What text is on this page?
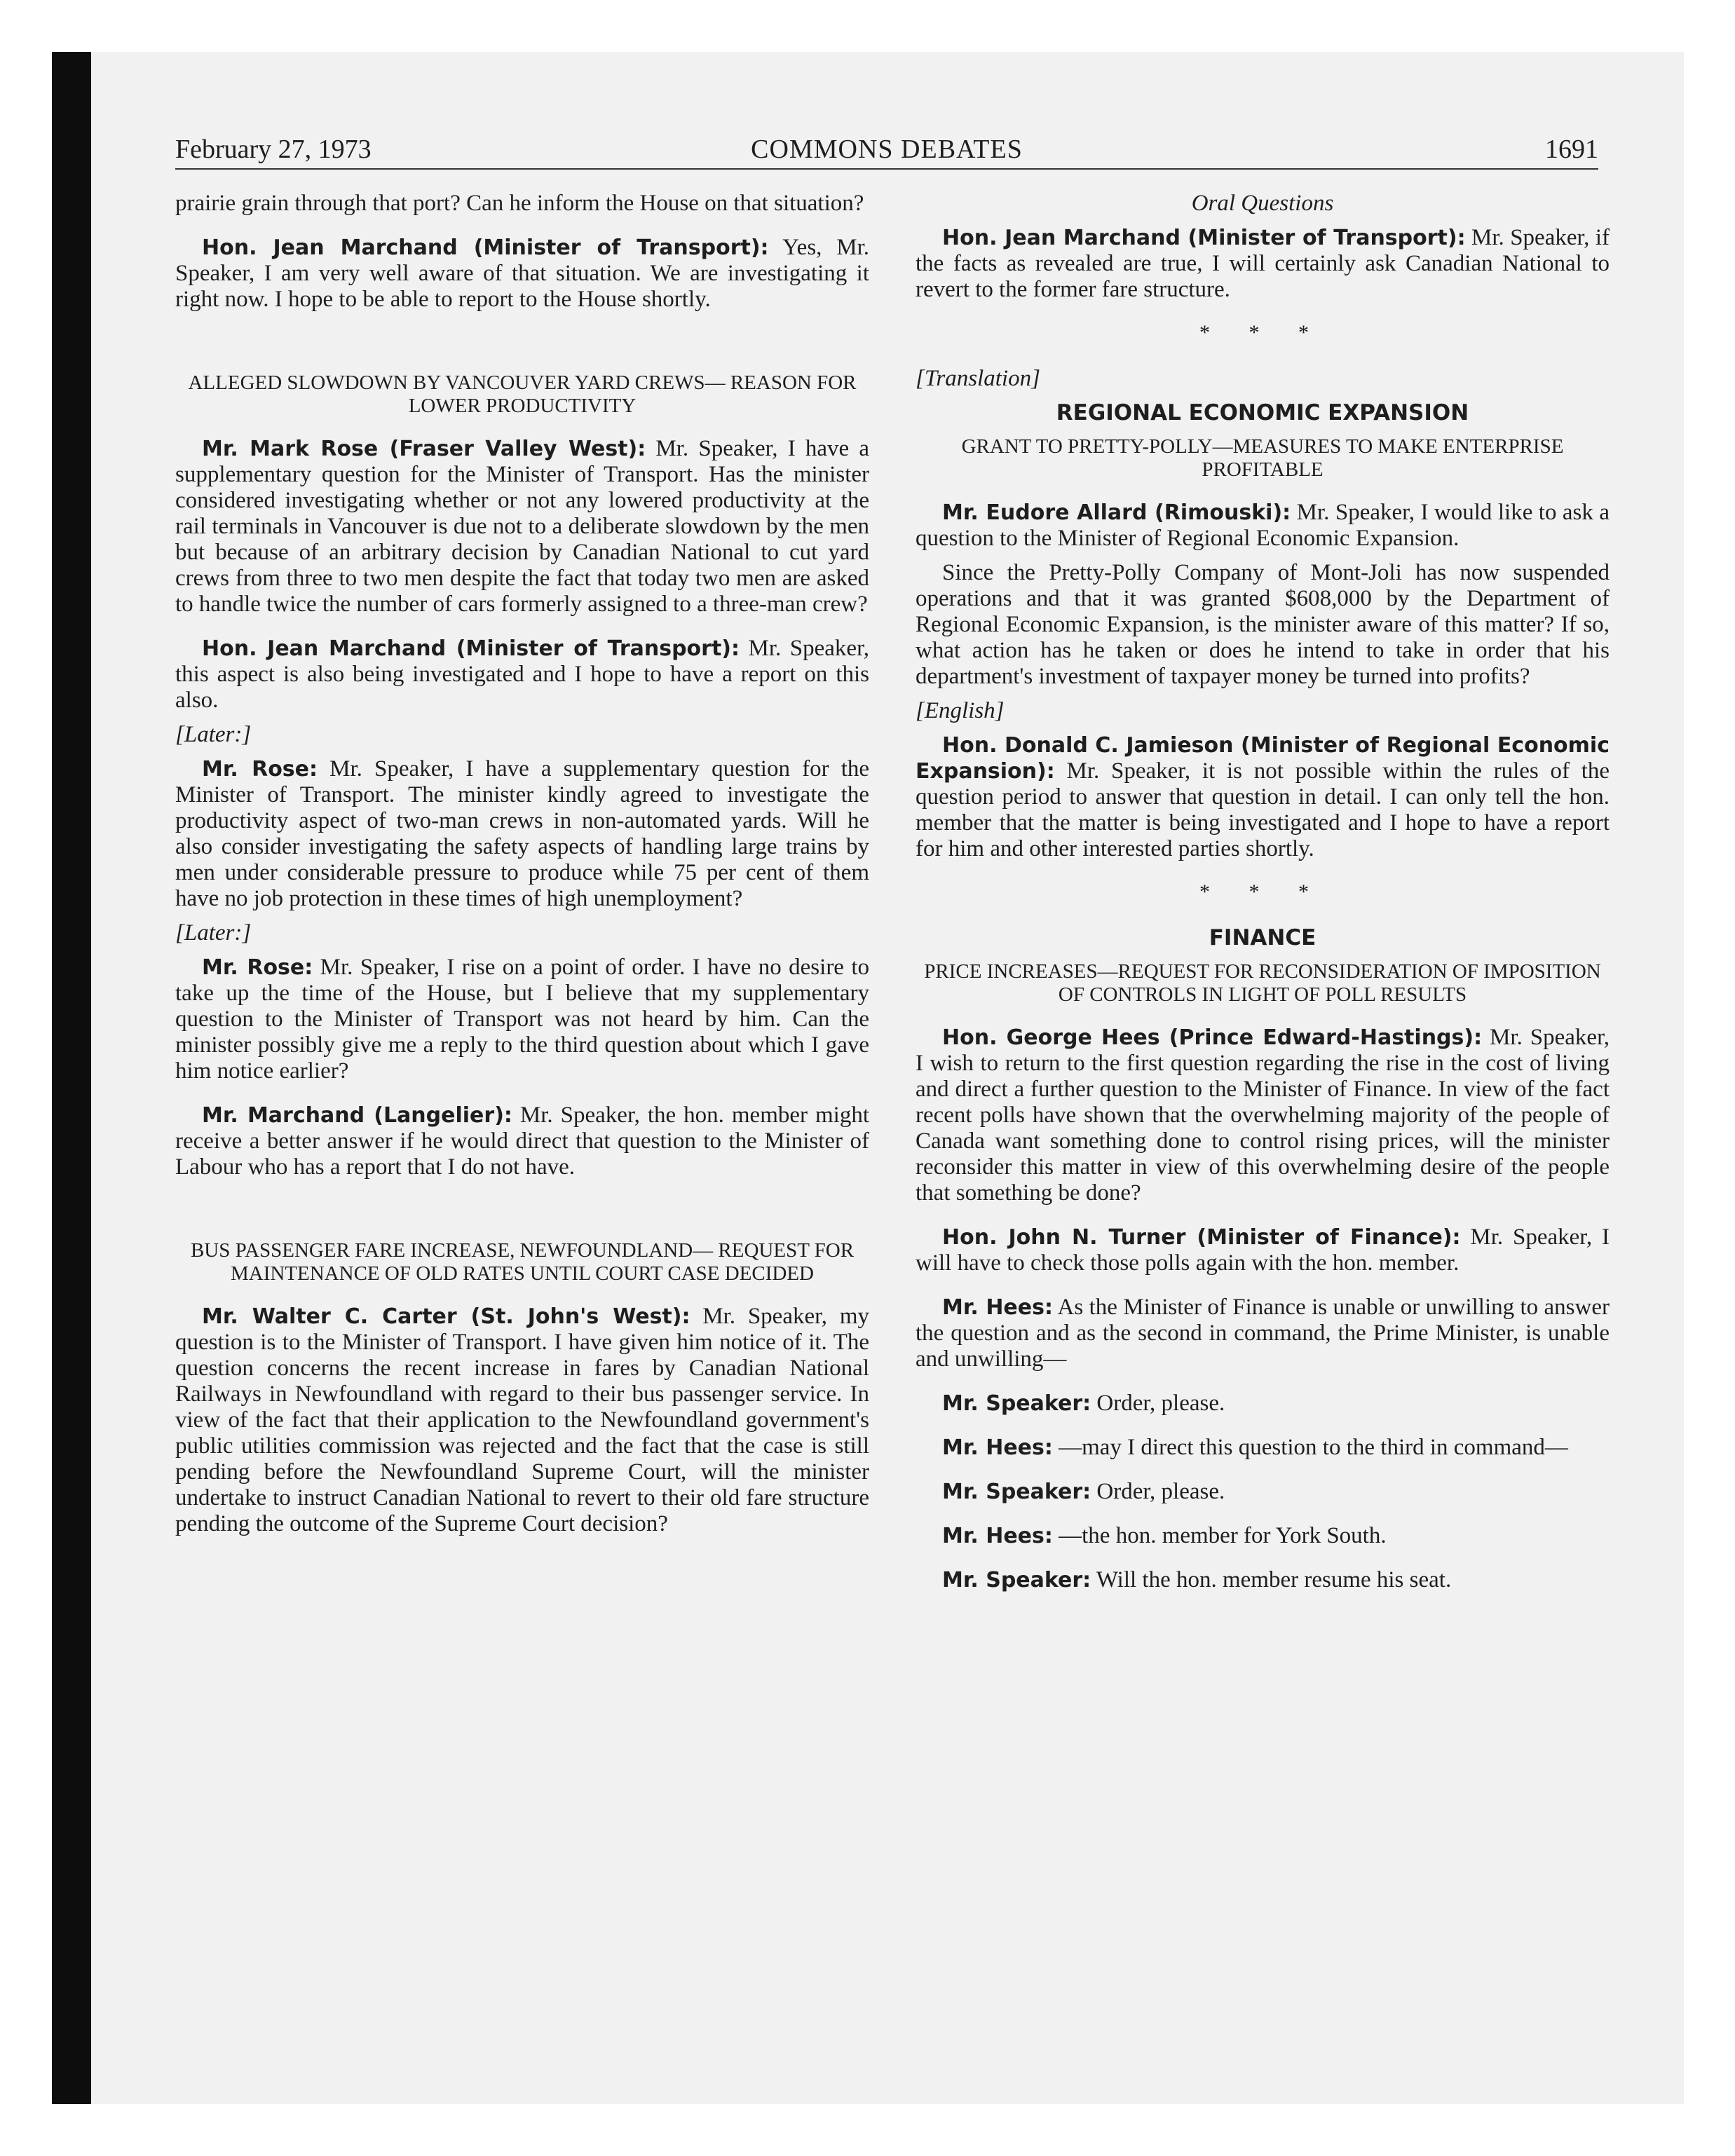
February 27, 1973	COMMONS DEBATES	1691

prairie grain through that port? Can he inform the House on that situation?

Hon. Jean Marchand (Minister of Transport): Yes, Mr. Speaker, I am very well aware of that situation. We are investigating it right now. I hope to be able to report to the House shortly.

ALLEGED SLOWDOWN BY VANCOUVER YARD CREWS— REASON FOR LOWER PRODUCTIVITY

Mr. Mark Rose (Fraser Valley West): Mr. Speaker, I have a supplementary question for the Minister of Transport. Has the minister considered investigating whether or not any lowered productivity at the rail terminals in Vancouver is due not to a deliberate slowdown by the men but because of an arbitrary decision by Canadian National to cut yard crews from three to two men despite the fact that today two men are asked to handle twice the number of cars formerly assigned to a three-man crew?

Hon. Jean Marchand (Minister of Transport): Mr. Speaker, this aspect is also being investigated and I hope to have a report on this also.

[Later:]

Mr. Rose: Mr. Speaker, I have a supplementary question for the Minister of Transport. The minister kindly agreed to investigate the productivity aspect of two-man crews in non-automated yards. Will he also consider investigating the safety aspects of handling large trains by men under considerable pressure to produce while 75 per cent of them have no job protection in these times of high unemployment?

[Later:]

Mr. Rose: Mr. Speaker, I rise on a point of order. I have no desire to take up the time of the House, but I believe that my supplementary question to the Minister of Transport was not heard by him. Can the minister possibly give me a reply to the third question about which I gave him notice earlier?

Mr. Marchand (Langelier): Mr. Speaker, the hon. member might receive a better answer if he would direct that question to the Minister of Labour who has a report that I do not have.

BUS PASSENGER FARE INCREASE, NEWFOUNDLAND— REQUEST FOR MAINTENANCE OF OLD RATES UNTIL COURT CASE DECIDED

Mr. Walter C. Carter (St. John's West): Mr. Speaker, my question is to the Minister of Transport. I have given him notice of it. The question concerns the recent increase in fares by Canadian National Railways in Newfoundland with regard to their bus passenger service. In view of the fact that their application to the Newfoundland government's public utilities commission was rejected and the fact that the case is still pending before the Newfoundland Supreme Court, will the minister undertake to instruct Canadian National to revert to their old fare structure pending the outcome of the Supreme Court decision?

Oral Questions

Hon. Jean Marchand (Minister of Transport): Mr. Speaker, if the facts as revealed are true, I will certainly ask Canadian National to revert to the former fare structure.

* * *
[Translation]
REGIONAL ECONOMIC EXPANSION
GRANT TO PRETTY-POLLY—MEASURES TO MAKE ENTERPRISE PROFITABLE

Mr. Eudore Allard (Rimouski): Mr. Speaker, I would like to ask a question to the Minister of Regional Economic Expansion.

Since the Pretty-Polly Company of Mont-Joli has now suspended operations and that it was granted $608,000 by the Department of Regional Economic Expansion, is the minister aware of this matter? If so, what action has he taken or does he intend to take in order that his department's investment of taxpayer money be turned into profits?

[English]

Hon. Donald C. Jamieson (Minister of Regional Economic Expansion): Mr. Speaker, it is not possible within the rules of the question period to answer that question in detail. I can only tell the hon. member that the matter is being investigated and I hope to have a report for him and other interested parties shortly.

* * *
FINANCE
PRICE INCREASES—REQUEST FOR RECONSIDERATION OF IMPOSITION OF CONTROLS IN LIGHT OF POLL RESULTS

Hon. George Hees (Prince Edward-Hastings): Mr. Speaker, I wish to return to the first question regarding the rise in the cost of living and direct a further question to the Minister of Finance. In view of the fact recent polls have shown that the overwhelming majority of the people of Canada want something done to control rising prices, will the minister reconsider this matter in view of this overwhelming desire of the people that something be done?

Hon. John N. Turner (Minister of Finance): Mr. Speaker, I will have to check those polls again with the hon. member.

Mr. Hees: As the Minister of Finance is unable or unwilling to answer the question and as the second in command, the Prime Minister, is unable and unwilling—

Mr. Speaker: Order, please.

Mr. Hees: —may I direct this question to the third in command—

Mr. Speaker: Order, please.

Mr. Hees: —the hon. member for York South.

Mr. Speaker: Will the hon. member resume his seat.
